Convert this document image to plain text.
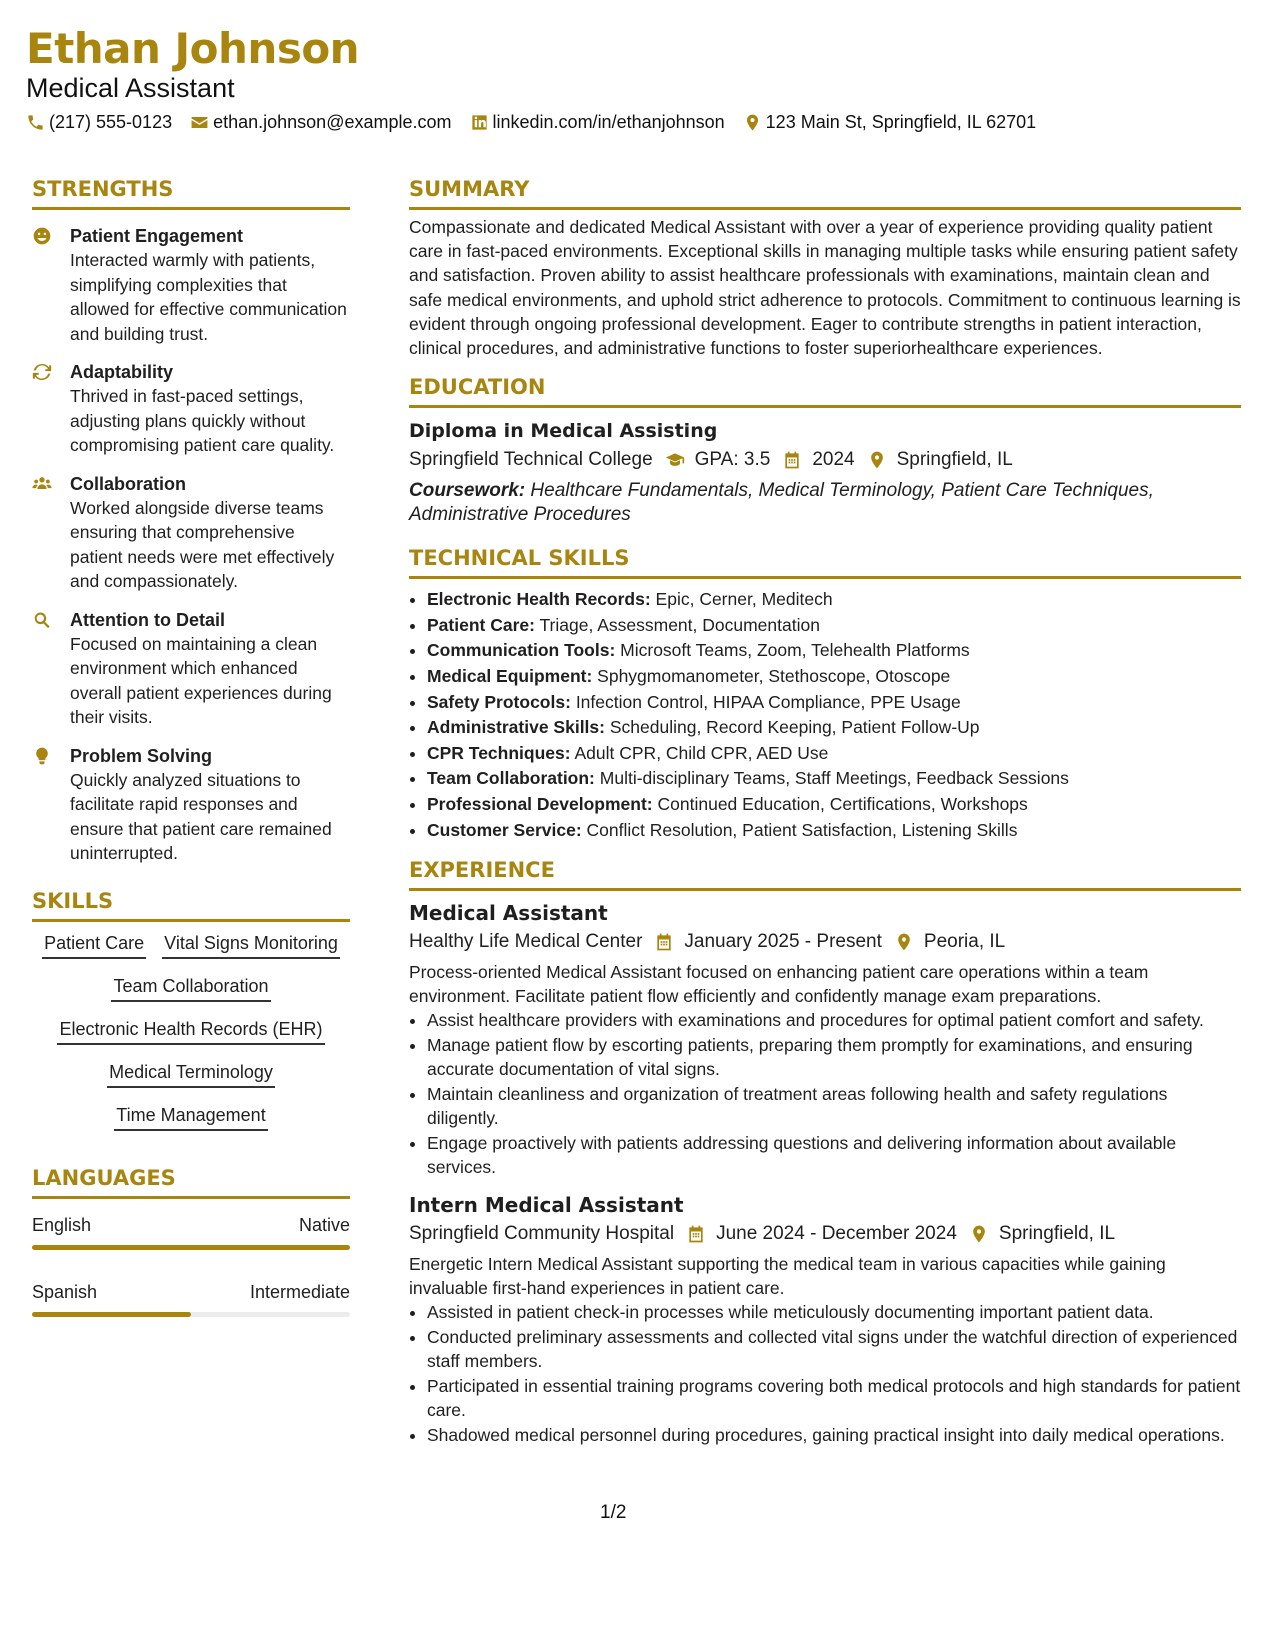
Ethan Johnson
Medical Assistant
(217) 555-0123 ethan.johnson@example.com linkedin.com/in/ethanjohnson 123 Main St, Springfield, IL 62701
STRENGTHS
Patient Engagement
Interacted warmly with patients, simplifying complexities that allowed for effective communication and building trust.
Adaptability
Thrived in fast-paced settings, adjusting plans quickly without compromising patient care quality.
Collaboration
Worked alongside diverse teams ensuring that comprehensive patient needs were met effectively and compassionately.
Attention to Detail
Focused on maintaining a clean environment which enhanced overall patient experiences during their visits.
Problem Solving
Quickly analyzed situations to facilitate rapid responses and ensure that patient care remained uninterrupted.
SKILLS
Patient Care Vital Signs Monitoring
Team Collaboration
Electronic Health Records (EHR)
Medical Terminology
Time Management
LANGUAGES
English	Native
Spanish	Intermediate
SUMMARY
Compassionate and dedicated Medical Assistant with over a year of experience providing quality patient care in fast-paced environments. Exceptional skills in managing multiple tasks while ensuring patient safety and satisfaction. Proven ability to assist healthcare professionals with examinations, maintain clean and safe medical environments, and uphold strict adherence to protocols. Commitment to continuous learning is evident through ongoing professional development. Eager to contribute strengths in patient interaction, clinical procedures, and administrative functions to foster superiorhealthcare experiences.
EDUCATION
Diploma in Medical Assisting
Springfield Technical College GPA: 3.5 2024 Springfield, IL
Coursework: Healthcare Fundamentals, Medical Terminology, Patient Care Techniques, Administrative Procedures
TECHNICAL SKILLS
• Electronic Health Records: Epic, Cerner, Meditech
• Patient Care: Triage, Assessment, Documentation
• Communication Tools: Microsoft Teams, Zoom, Telehealth Platforms
• Medical Equipment: Sphygmomanometer, Stethoscope, Otoscope
• Safety Protocols: Infection Control, HIPAA Compliance, PPE Usage
• Administrative Skills: Scheduling, Record Keeping, Patient Follow-Up
• CPR Techniques: Adult CPR, Child CPR, AED Use
• Team Collaboration: Multi-disciplinary Teams, Staff Meetings, Feedback Sessions
• Professional Development: Continued Education, Certifications, Workshops
• Customer Service: Conflict Resolution, Patient Satisfaction, Listening Skills
EXPERIENCE
Medical Assistant
Healthy Life Medical Center January 2025 - Present Peoria, IL
Process-oriented Medical Assistant focused on enhancing patient care operations within a team environment. Facilitate patient flow efficiently and confidently manage exam preparations.
• Assist healthcare providers with examinations and procedures for optimal patient comfort and safety.
• Manage patient flow by escorting patients, preparing them promptly for examinations, and ensuring accurate documentation of vital signs.
• Maintain cleanliness and organization of treatment areas following health and safety regulations diligently.
• Engage proactively with patients addressing questions and delivering information about available services.
Intern Medical Assistant
Springfield Community Hospital June 2024 - December 2024 Springfield, IL
Energetic Intern Medical Assistant supporting the medical team in various capacities while gaining invaluable first-hand experiences in patient care.
• Assisted in patient check-in processes while meticulously documenting important patient data.
• Conducted preliminary assessments and collected vital signs under the watchful direction of experienced staff members.
• Participated in essential training programs covering both medical protocols and high standards for patient care.
• Shadowed medical personnel during procedures, gaining practical insight into daily medical operations.
1/2
